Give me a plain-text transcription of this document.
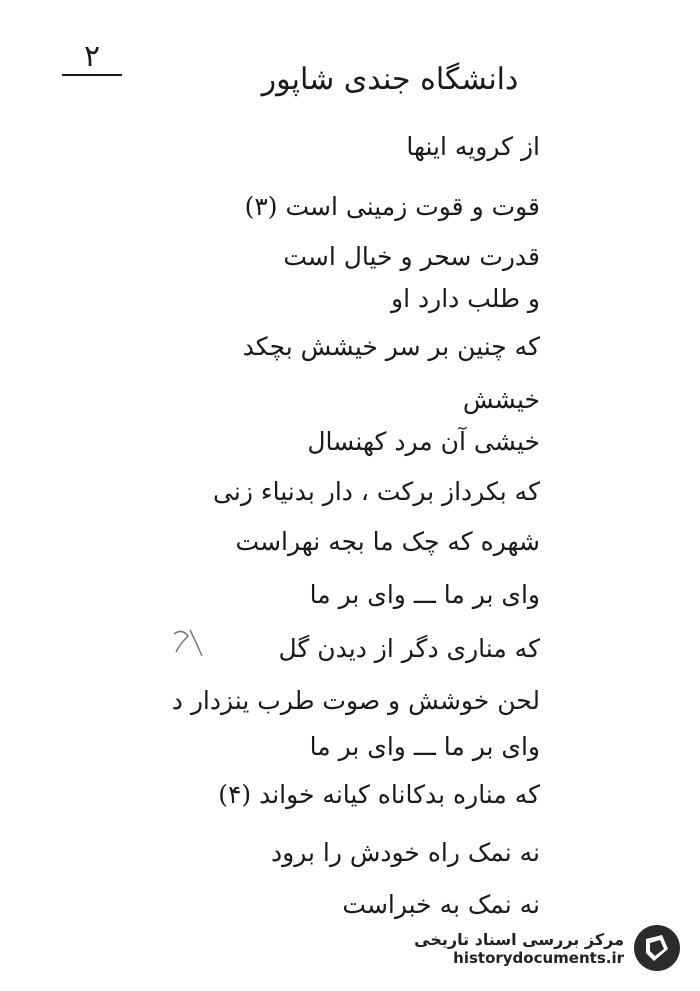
۲
دانشگاه جندی شاپور
از کرویه اینها
قوت و قوت زمینی است (۳)
قدرت سحر و خیال است
و طلب دارد او
که چنین بر سر خیشش بچکد
خیشش
خیشی آن مرد کهنسال
که بکرداز برکت ، دار بدنیاء زنی
شهره که چک ما بجه نهراست
وای بر ما ـــ وای بر ما
که مناری دگر از دیدن گل
لحن خوشش و صوت طرب ینزدار د
وای بر ما ـــ وای بر ما
که مناره بدکاناه کیانه خواند (۴)
نه نمک راه خودش را برود
نه نمک به خبراست
مرکز بررسی اسناد تاریخی
historydocuments.ir
